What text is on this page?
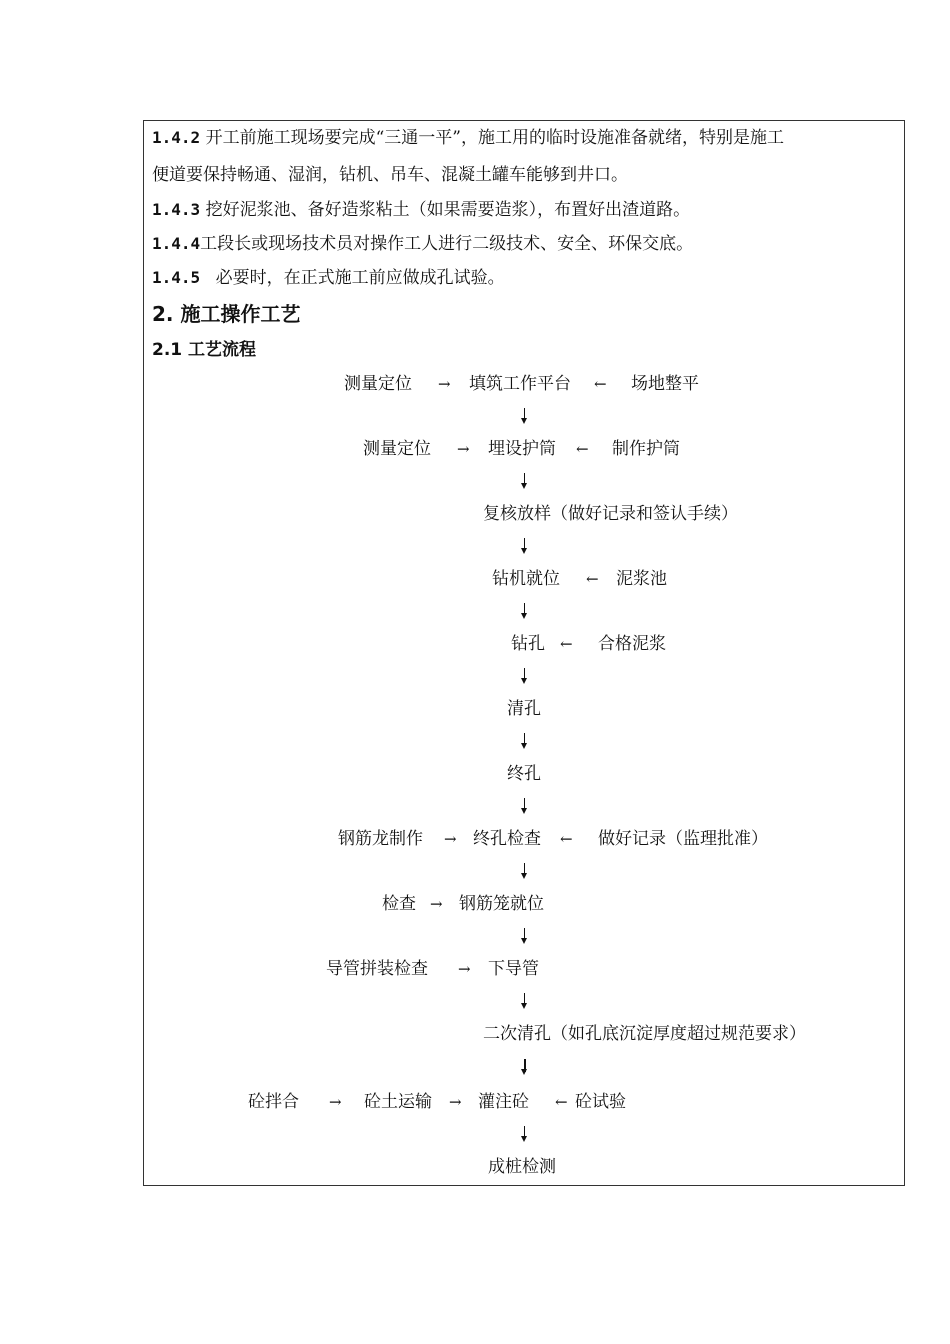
1.4.2 开工前施工现场要完成“三通一平”，施工用的临时设施准备就绪，特别是施工
便道要保持畅通、湿润，钻机、吊车、混凝土罐车能够到井口。
1.4.3 挖好泥浆池、备好造浆粘土（如果需要造浆），布置好出渣道路。
1.4.4工段长或现场技术员对操作工人进行二级技术、安全、环保交底。
1.4.5 必要时，在正式施工前应做成孔试验。
2. 施工操作工艺
2.1 工艺流程
测量定位 → 填筑工作平台 ← 场地整平
测量定位 → 埋设护筒 ← 制作护筒
复核放样（做好记录和签认手续）
钻机就位 ← 泥浆池
钻孔 ← 合格泥浆
清孔
终孔
钢筋龙制作 → 终孔检查 ← 做好记录（监理批准）
检查 → 钢筋笼就位
导管拼装检查 → 下导管
二次清孔（如孔底沉淀厚度超过规范要求）
砼拌合 → 砼土运输 → 灌注砼 ← 砼试验
成桩检测
